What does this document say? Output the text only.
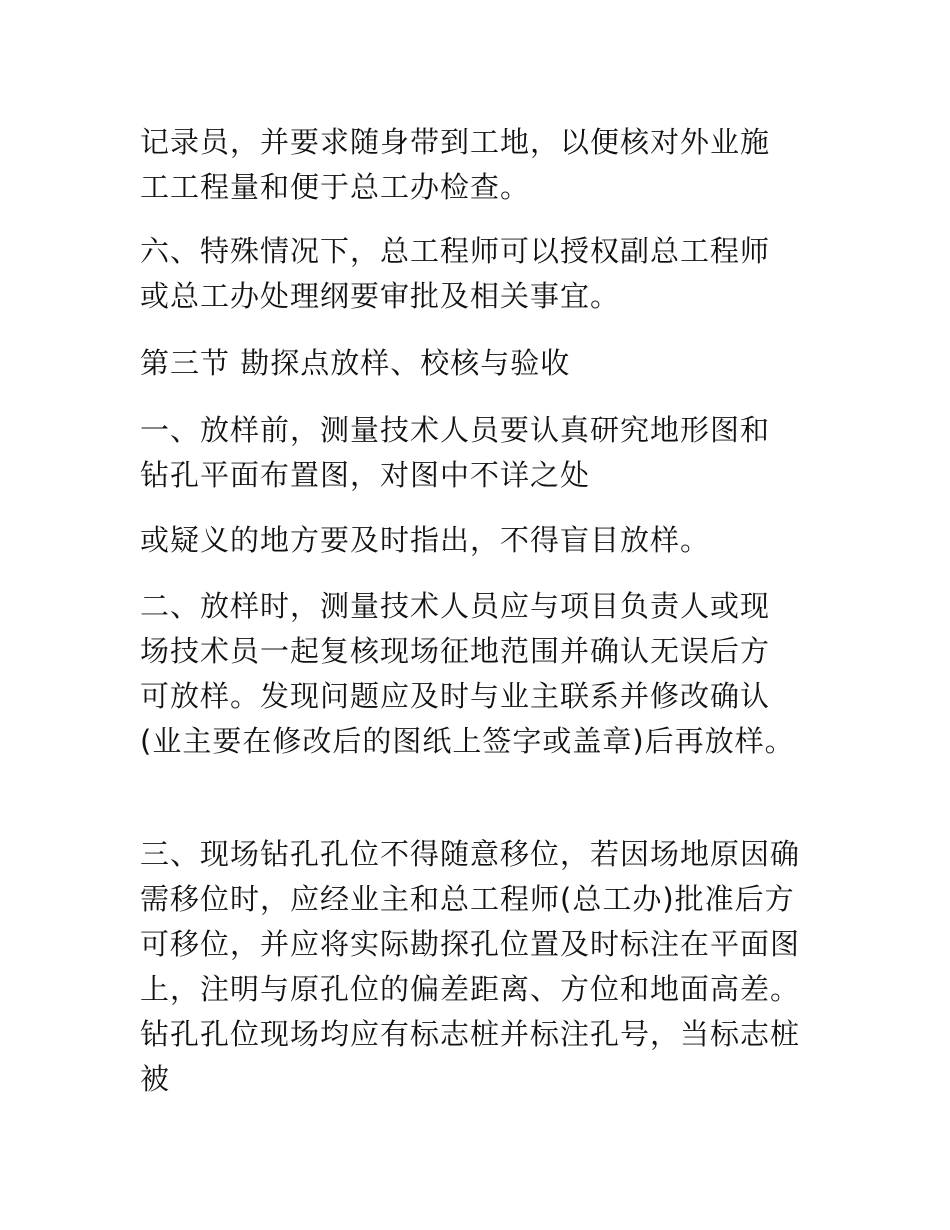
记录员，并要求随身带到工地，以便核对外业施
工工程量和便于总工办检查。
六、特殊情况下，总工程师可以授权副总工程师
或总工办处理纲要审批及相关事宜。
第三节 勘探点放样、校核与验收
一、放样前，测量技术人员要认真研究地形图和
钻孔平面布置图，对图中不详之处
或疑义的地方要及时指出，不得盲目放样。
二、放样时，测量技术人员应与项目负责人或现
场技术员一起复核现场征地范围并确认无误后方
可放样。发现问题应及时与业主联系并修改确认
(业主要在修改后的图纸上签字或盖章)后再放样。
三、现场钻孔孔位不得随意移位，若因场地原因确
需移位时，应经业主和总工程师(总工办)批准后方
可移位，并应将实际勘探孔位置及时标注在平面图
上，注明与原孔位的偏差距离、方位和地面高差。
钻孔孔位现场均应有标志桩并标注孔号，当标志桩
被
